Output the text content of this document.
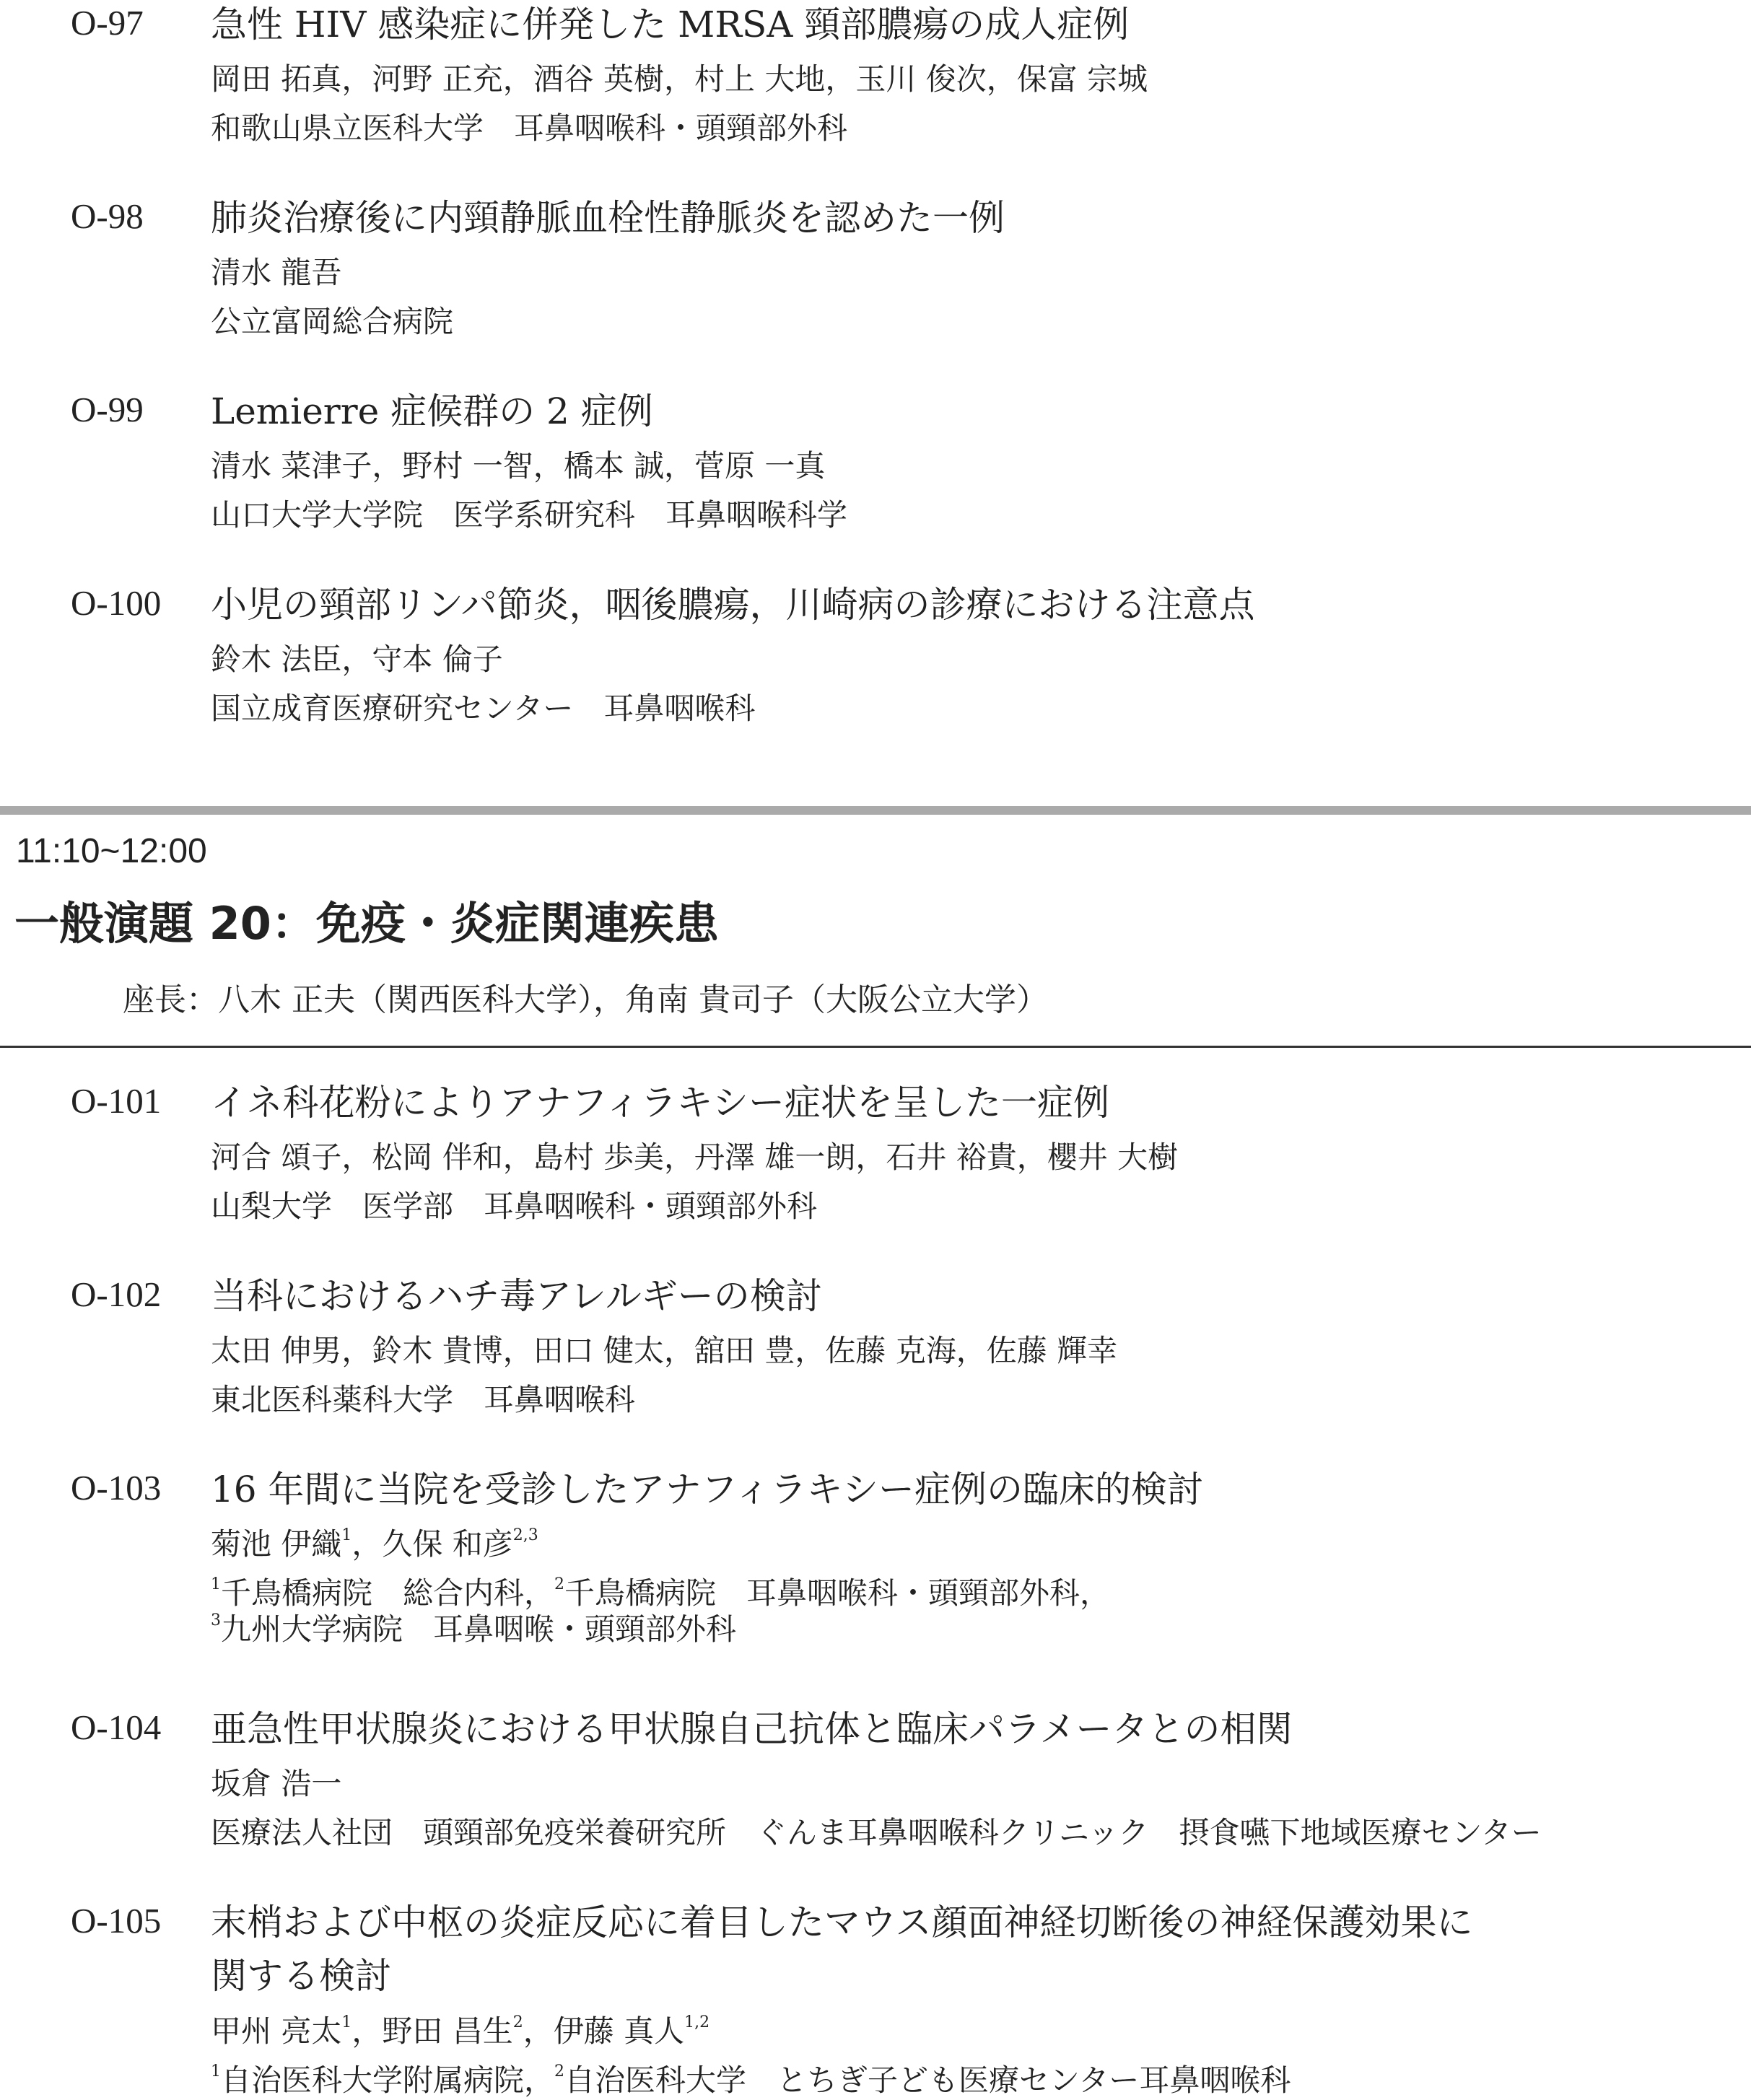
O-97 急性 HIV 感染症に併発した MRSA 頸部膿瘍の成人症例
岡田 拓真，河野 正充，酒谷 英樹，村上 大地，玉川 俊次，保富 宗城
和歌山県立医科大学　耳鼻咽喉科・頭頸部外科
O-98 肺炎治療後に内頸静脈血栓性静脈炎を認めた一例
清水 龍吾
公立富岡総合病院
O-99 Lemierre 症候群の 2 症例
清水 菜津子，野村 一智，橋本 誠，菅原 一真
山口大学大学院　医学系研究科　耳鼻咽喉科学
O-100 小児の頸部リンパ節炎，咽後膿瘍，川崎病の診療における注意点
鈴木 法臣，守本 倫子
国立成育医療研究センター　耳鼻咽喉科
11:10~12:00
一般演題 20：免疫・炎症関連疾患
座長：八木 正夫（関西医科大学），角南 貴司子（大阪公立大学）
O-101 イネ科花粉によりアナフィラキシー症状を呈した一症例
河合 頌子，松岡 伴和，島村 歩美，丹澤 雄一朗，石井 裕貴，櫻井 大樹
山梨大学　医学部　耳鼻咽喉科・頭頸部外科
O-102 当科におけるハチ毒アレルギーの検討
太田 伸男，鈴木 貴博，田口 健太，舘田 豊，佐藤 克海，佐藤 輝幸
東北医科薬科大学　耳鼻咽喉科
O-103 16 年間に当院を受診したアナフィラキシー症例の臨床的検討
菊池 伊織$^1$，久保 和彦$^{2,3}$
$^1$千鳥橋病院　総合内科，$^2$千鳥橋病院　耳鼻咽喉科・頭頸部外科，
$^3$九州大学病院　耳鼻咽喉・頭頸部外科
O-104 亜急性甲状腺炎における甲状腺自己抗体と臨床パラメータとの相関
坂倉 浩一
医療法人社団　頭頸部免疫栄養研究所　ぐんま耳鼻咽喉科クリニック　摂食嚥下地域医療センター
O-105 末梢および中枢の炎症反応に着目したマウス顔面神経切断後の神経保護効果に
関する検討
甲州 亮太$^1$，野田 昌生$^2$，伊藤 真人$^{1,2}$
$^1$自治医科大学附属病院，$^2$自治医科大学　とちぎ子ども医療センター耳鼻咽喉科
